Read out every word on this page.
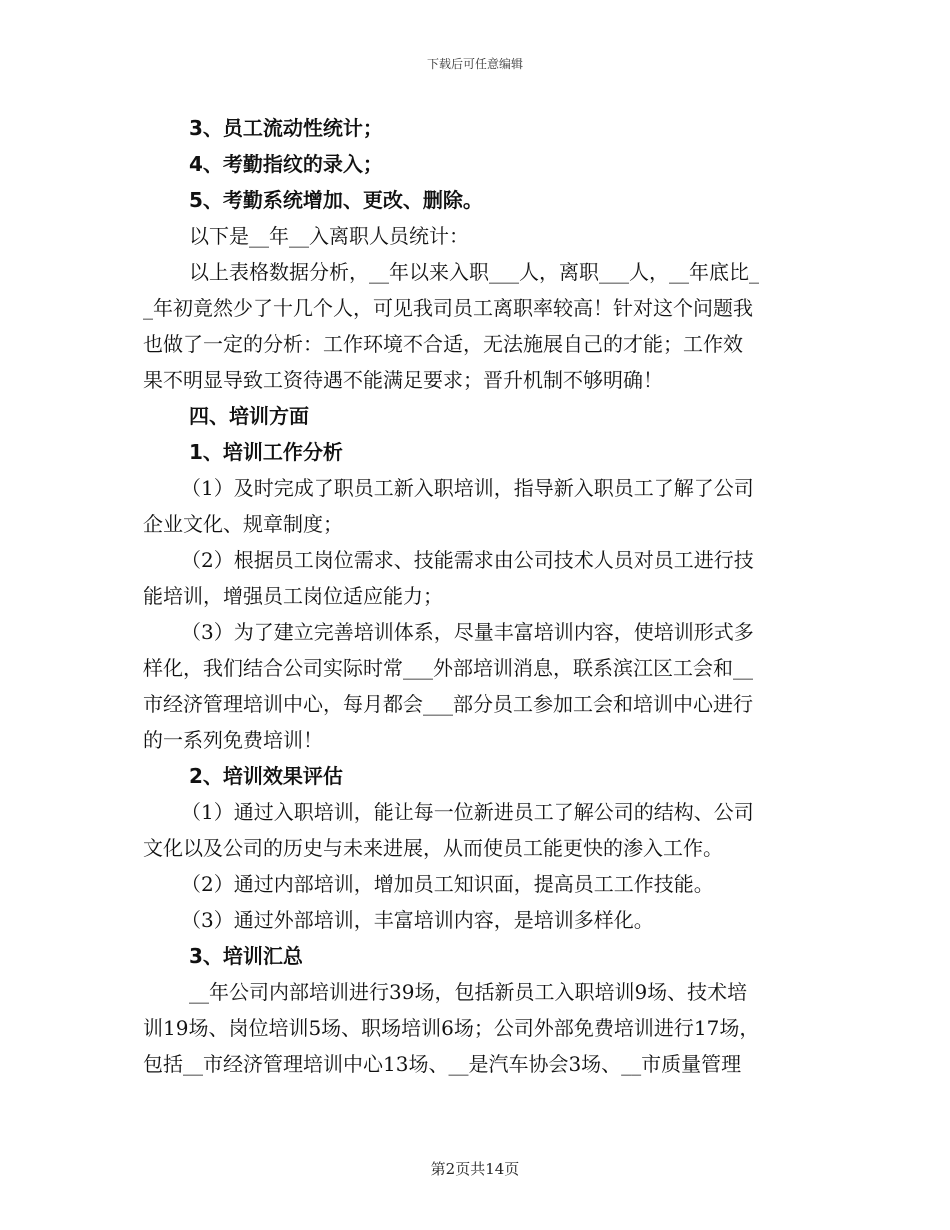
下载后可任意编辑
3、员工流动性统计；
4、考勤指纹的录入；
5、考勤系统增加、更改、删除。
以下是__年__入离职人员统计：
以上表格数据分析，__年以来入职___人，离职___人，__年底比_
_年初竟然少了十几个人，可见我司员工离职率较高！针对这个问题我
也做了一定的分析：工作环境不合适，无法施展自己的才能；工作效
果不明显导致工资待遇不能满足要求；晋升机制不够明确！
四、培训方面
1、培训工作分析
（1）及时完成了职员工新入职培训，指导新入职员工了解了公司
企业文化、规章制度；
（2）根据员工岗位需求、技能需求由公司技术人员对员工进行技
能培训，增强员工岗位适应能力；
（3）为了建立完善培训体系，尽量丰富培训内容，使培训形式多
样化，我们结合公司实际时常___外部培训消息，联系滨江区工会和__
市经济管理培训中心，每月都会___部分员工参加工会和培训中心进行
的一系列免费培训！
2、培训效果评估
（1）通过入职培训，能让每一位新进员工了解公司的结构、公司
文化以及公司的历史与未来进展，从而使员工能更快的渗入工作。
（2）通过内部培训，增加员工知识面，提高员工工作技能。
（3）通过外部培训，丰富培训内容，是培训多样化。
3、培训汇总
__年公司内部培训进行39场，包括新员工入职培训9场、技术培
训19场、岗位培训5场、职场培训6场；公司外部免费培训进行17场，
包括__市经济管理培训中心13场、__是汽车协会3场、__市质量管理
第2页共14页
